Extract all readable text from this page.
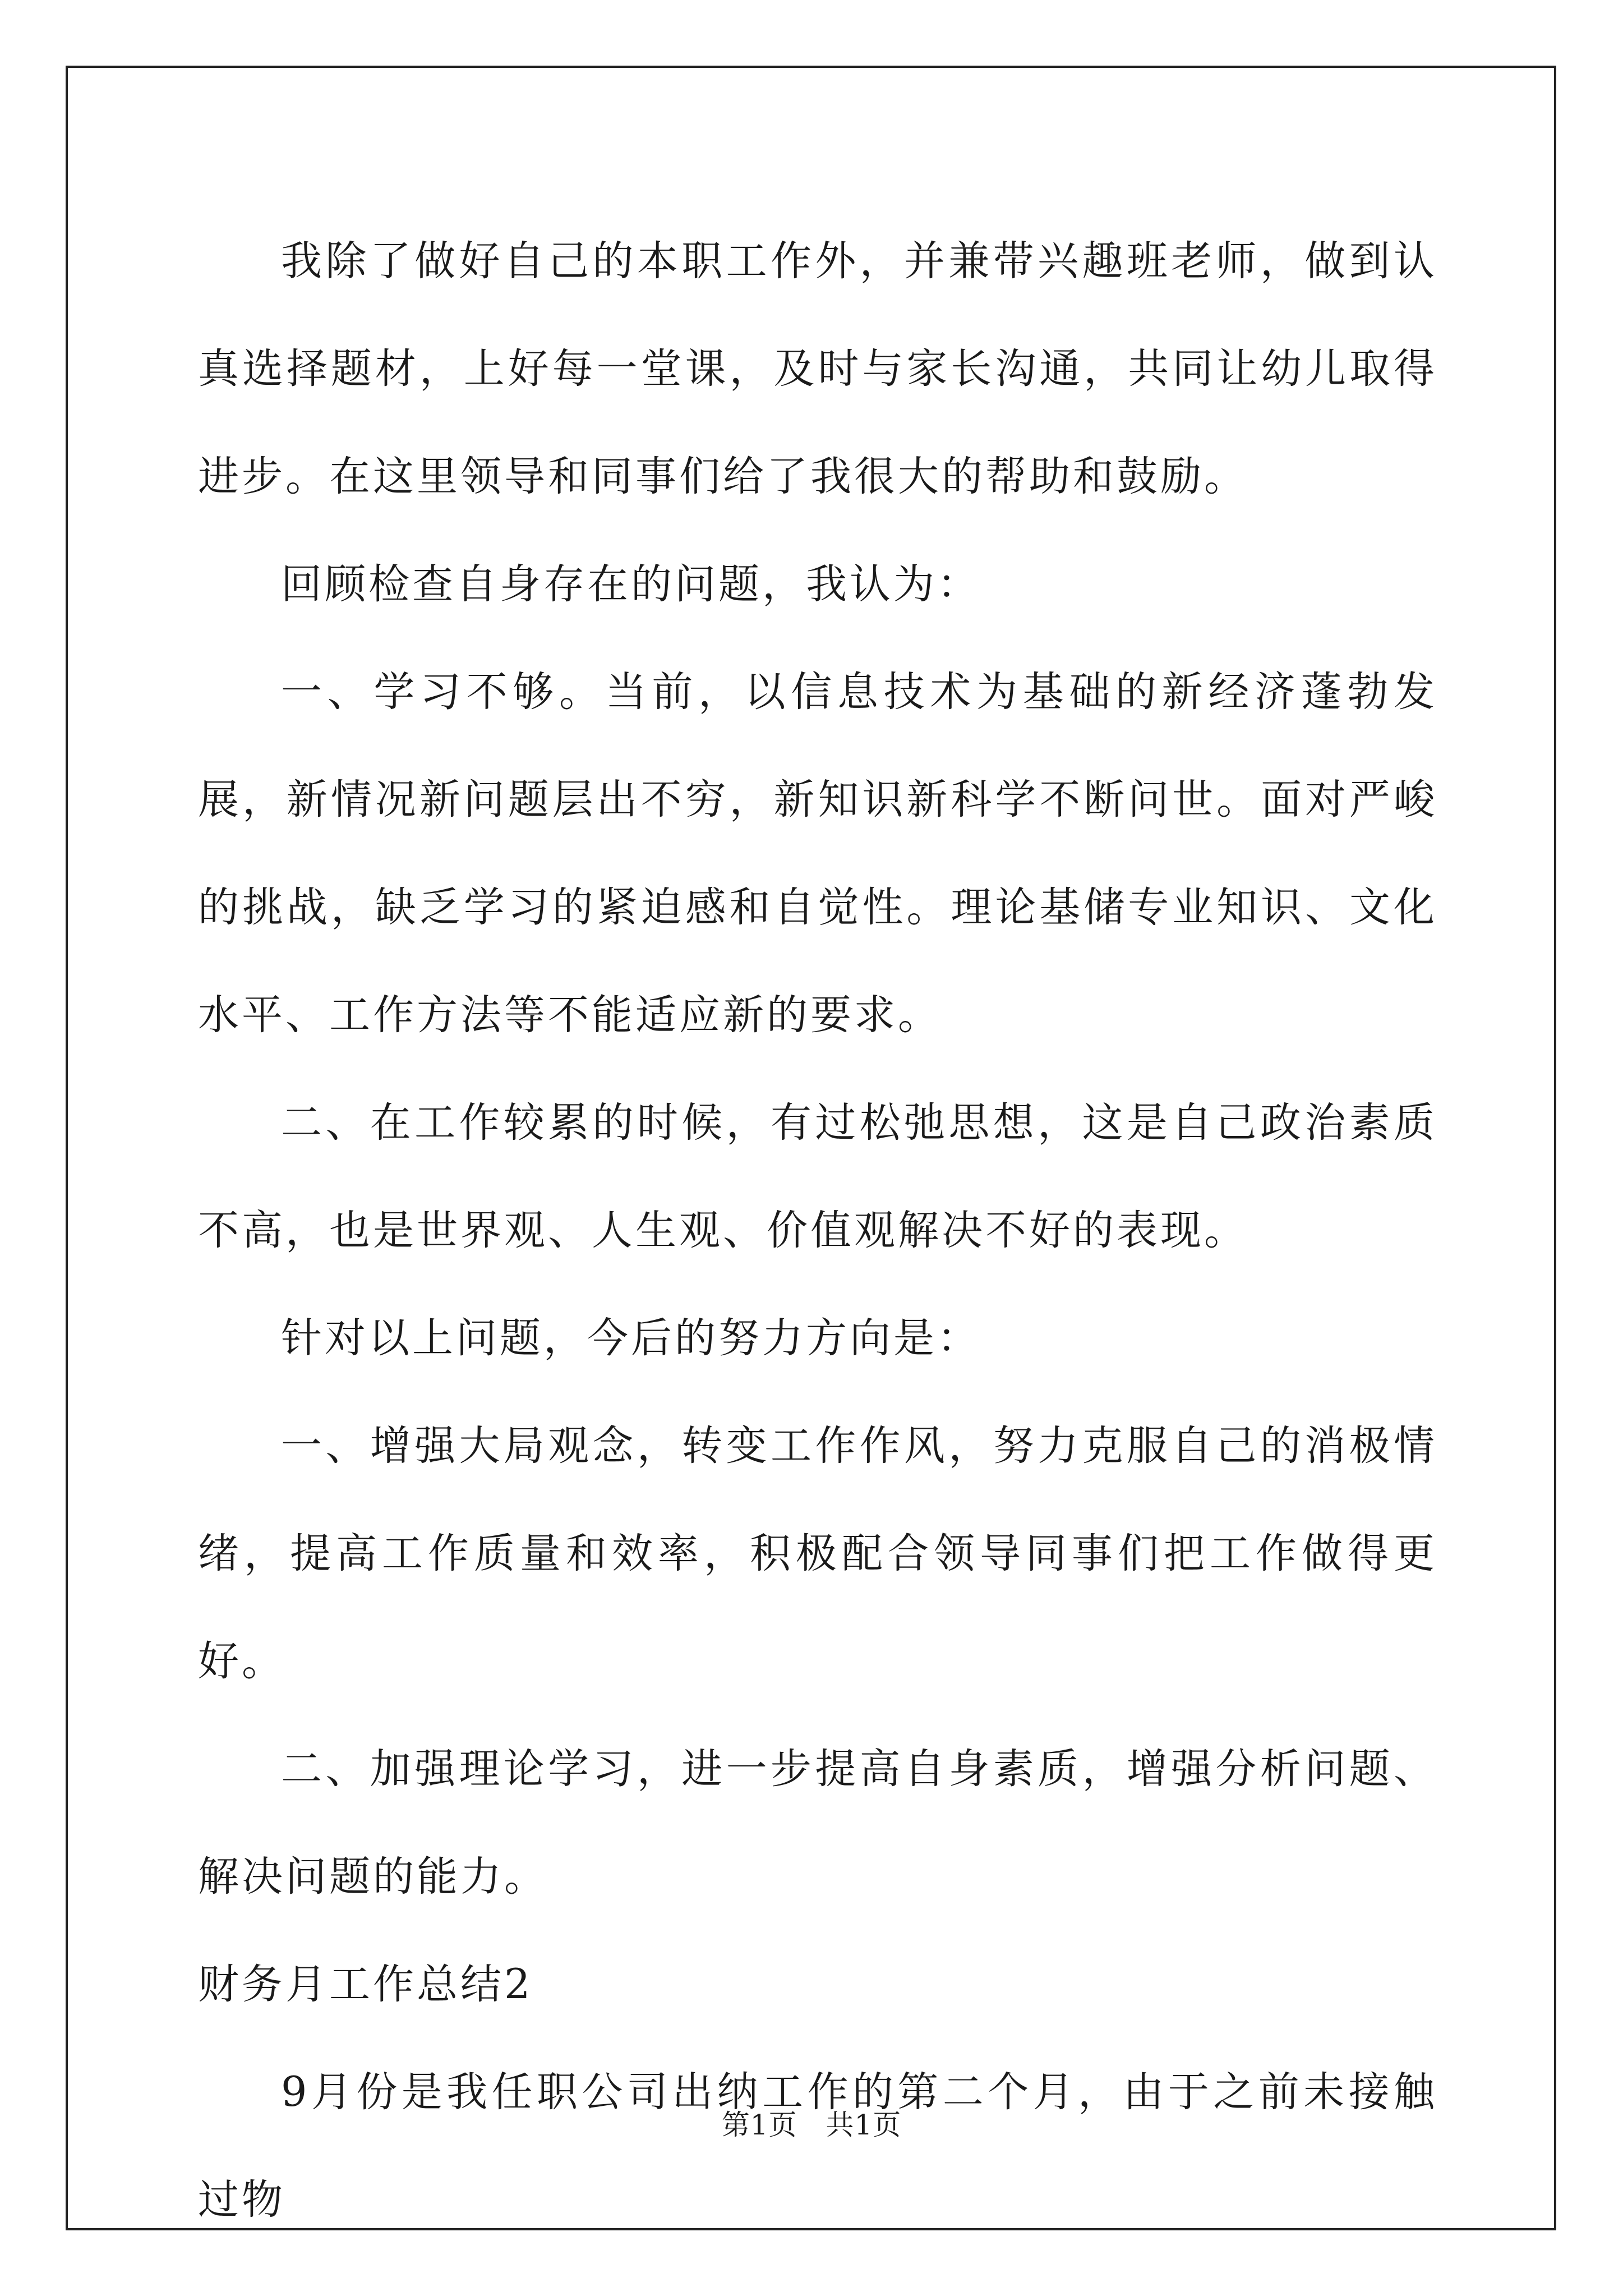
我除了做好自己的本职工作外，并兼带兴趣班老师，做到认真选择题材，上好每一堂课，及时与家长沟通，共同让幼儿取得进步。在这里领导和同事们给了我很大的帮助和鼓励。

回顾检查自身存在的问题，我认为：

一、学习不够。当前，以信息技术为基础的新经济蓬勃发展，新情况新问题层出不穷，新知识新科学不断问世。面对严峻的挑战，缺乏学习的紧迫感和自觉性。理论基储专业知识、文化水平、工作方法等不能适应新的要求。

二、在工作较累的时候，有过松弛思想，这是自己政治素质不高，也是世界观、人生观、价值观解决不好的表现。

针对以上问题，今后的努力方向是：

一、增强大局观念，转变工作作风，努力克服自己的消极情绪，提高工作质量和效率，积极配合领导同事们把工作做得更好。

二、加强理论学习，进一步提高自身素质，增强分析问题、解决问题的能力。

财务月工作总结2

9月份是我任职公司出纳工作的第二个月，由于之前未接触过物

第1页　共1页
